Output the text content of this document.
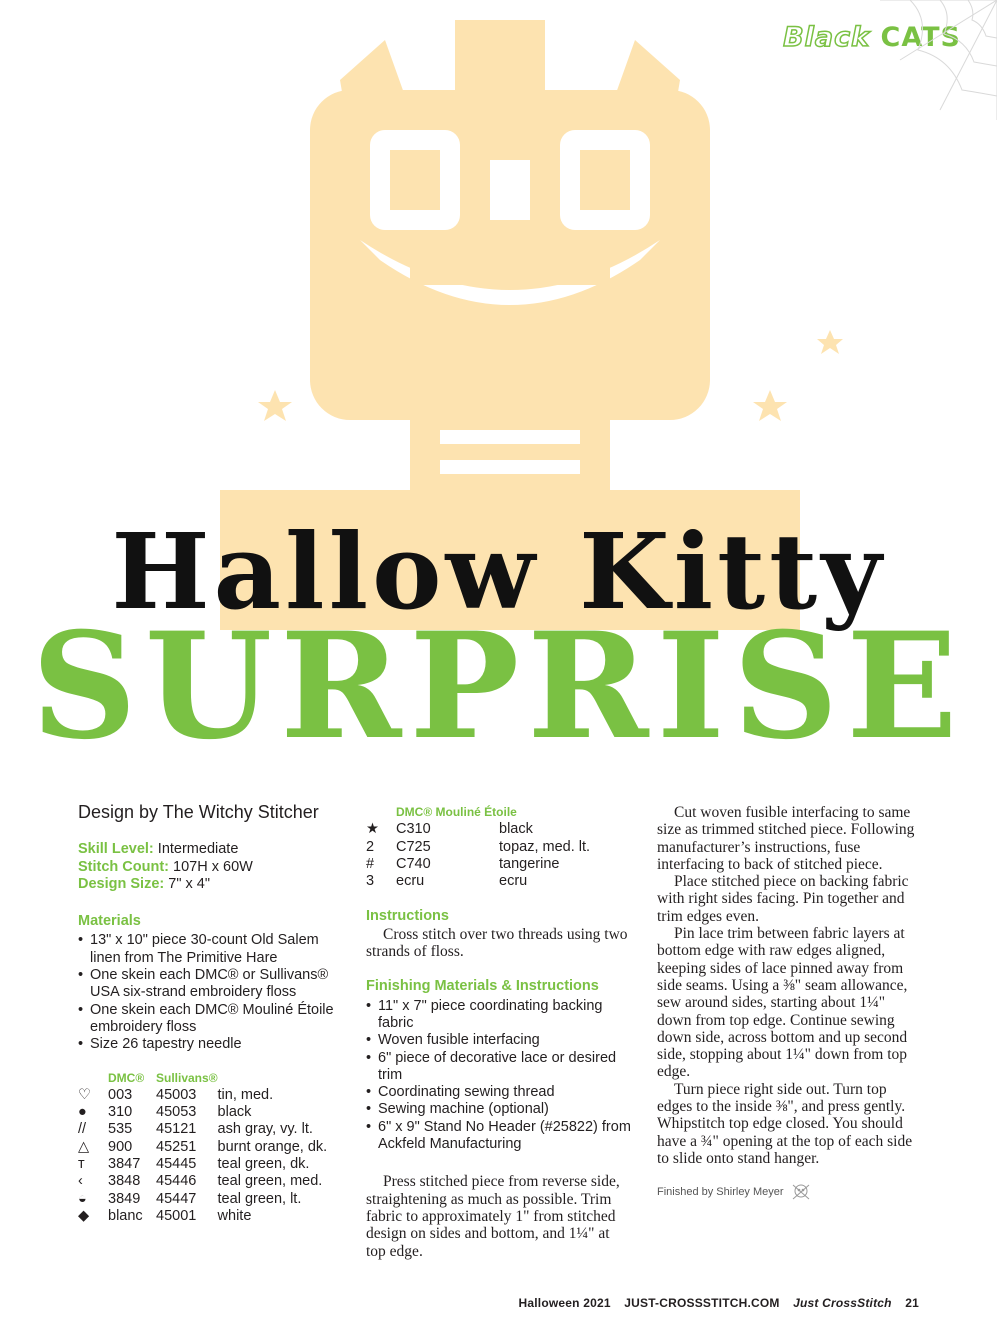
Black CATS
Hallow Kitty
SURPRISE
Design by The Witchy Stitcher
Skill Level: Intermediate
Stitch Count: 107H x 60W
Design Size: 7" x 4"
Materials
• 13" x 10" piece 30-count Old Salem linen from The Primitive Hare
• One skein each DMC® or Sullivans® USA six-strand embroidery floss
• One skein each DMC® Mouliné Étoile embroidery floss
• Size 26 tapestry needle
	DMC®	Sullivans®	
♡	003	45003	tin, med.
●	310	45053	black
//	535	45121	ash gray, vy. lt.
△	900	45251	burnt orange, dk.
ᴛ	3847	45445	teal green, dk.
‹	3848	45446	teal green, med.
◒	3849	45447	teal green, lt.
◆	blanc	45001	white
DMC® Mouliné Étoile
★	C310	black
2	C725	topaz, med. lt.
#	C740	tangerine
3	ecru	ecru
Instructions

Cross stitch over two threads using two strands of floss.

Finishing Materials & Instructions
• 11" x 7" piece coordinating backing fabric
• Woven fusible interfacing
• 6" piece of decorative lace or desired trim
• Coordinating sewing thread
• Sewing machine (optional)
• 6" x 9" Stand No Header (#25822) from Ackfeld Manufacturing

Press stitched piece from reverse side, straightening as much as possible. Trim fabric to approximately 1" from stitched design on sides and bottom, and 1¼" at top edge.

Cut woven fusible interfacing to same size as trimmed stitched piece. Following manufacturer’s instructions, fuse interfacing to back of stitched piece.

Place stitched piece on backing fabric with right sides facing. Pin together and trim edges even.

Pin lace trim between fabric layers at bottom edge with raw edges aligned, keeping sides of lace pinned away from side seams. Using a ⅜" seam allowance, sew around sides, starting about 1¼" down from top edge. Continue sewing down side, across bottom and up second side, stopping about 1¼" down from top edge.

Turn piece right side out. Turn top edges to the inside ⅜", and press gently. Whipstitch top edge closed. You should have a ¾" opening at the top of each side to slide onto stand hanger.

Finished by Shirley Meyer
Halloween 2021 JUST-CROSSSTITCH.COM Just CrossStitch 21
